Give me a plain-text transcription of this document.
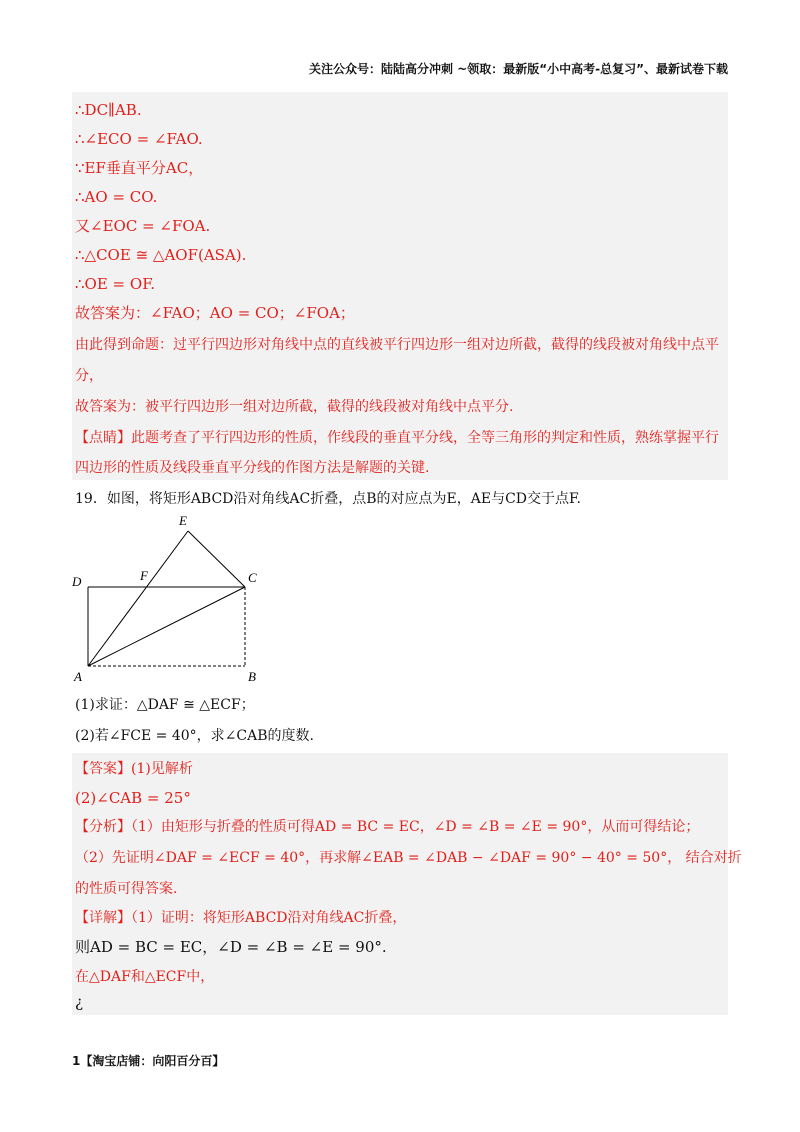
关注公众号：陆陆高分冲刺 ~领取：最新版“小中高考-总复习”、最新试卷下载
∴DC∥AB.
∴∠ECO = ∠FAO.
∵EF垂直平分AC，
∴AO = CO.
又∠EOC = ∠FOA.
∴△COE ≅ △AOF(ASA).
∴OE = OF.
故答案为：∠FAO；AO = CO；∠FOA；
由此得到命题：过平行四边形对角线中点的直线被平行四边形一组对边所截，截得的线段被对角线中点平
分，
故答案为：被平行四边形一组对边所截，截得的线段被对角线中点平分.
【点睛】此题考查了平行四边形的性质，作线段的垂直平分线，全等三角形的判定和性质，熟练掌握平行
四边形的性质及线段垂直平分线的作图方法是解题的关键.
19．如图，将矩形ABCD沿对角线AC折叠，点B的对应点为E，AE与CD交于点F.
E
F	C
D
A	B
(1)求证：△DAF ≅ △ECF；
(2)若∠FCE = 40°，求∠CAB的度数.
【答案】(1)见解析
(2)∠CAB = 25°
【分析】（1）由矩形与折叠的性质可得AD = BC = EC，∠D = ∠B = ∠E = 90°，从而可得结论；
（2）先证明∠DAF = ∠ECF = 40°，再求解∠EAB = ∠DAB − ∠DAF = 90° − 40° = 50°， 结合对折
的性质可得答案.
【详解】（1）证明：将矩形ABCD沿对角线AC折叠，
则AD = BC = EC，∠D = ∠B = ∠E = 90°.
在△DAF和△ECF中，
¿
1【淘宝店铺：向阳百分百】
